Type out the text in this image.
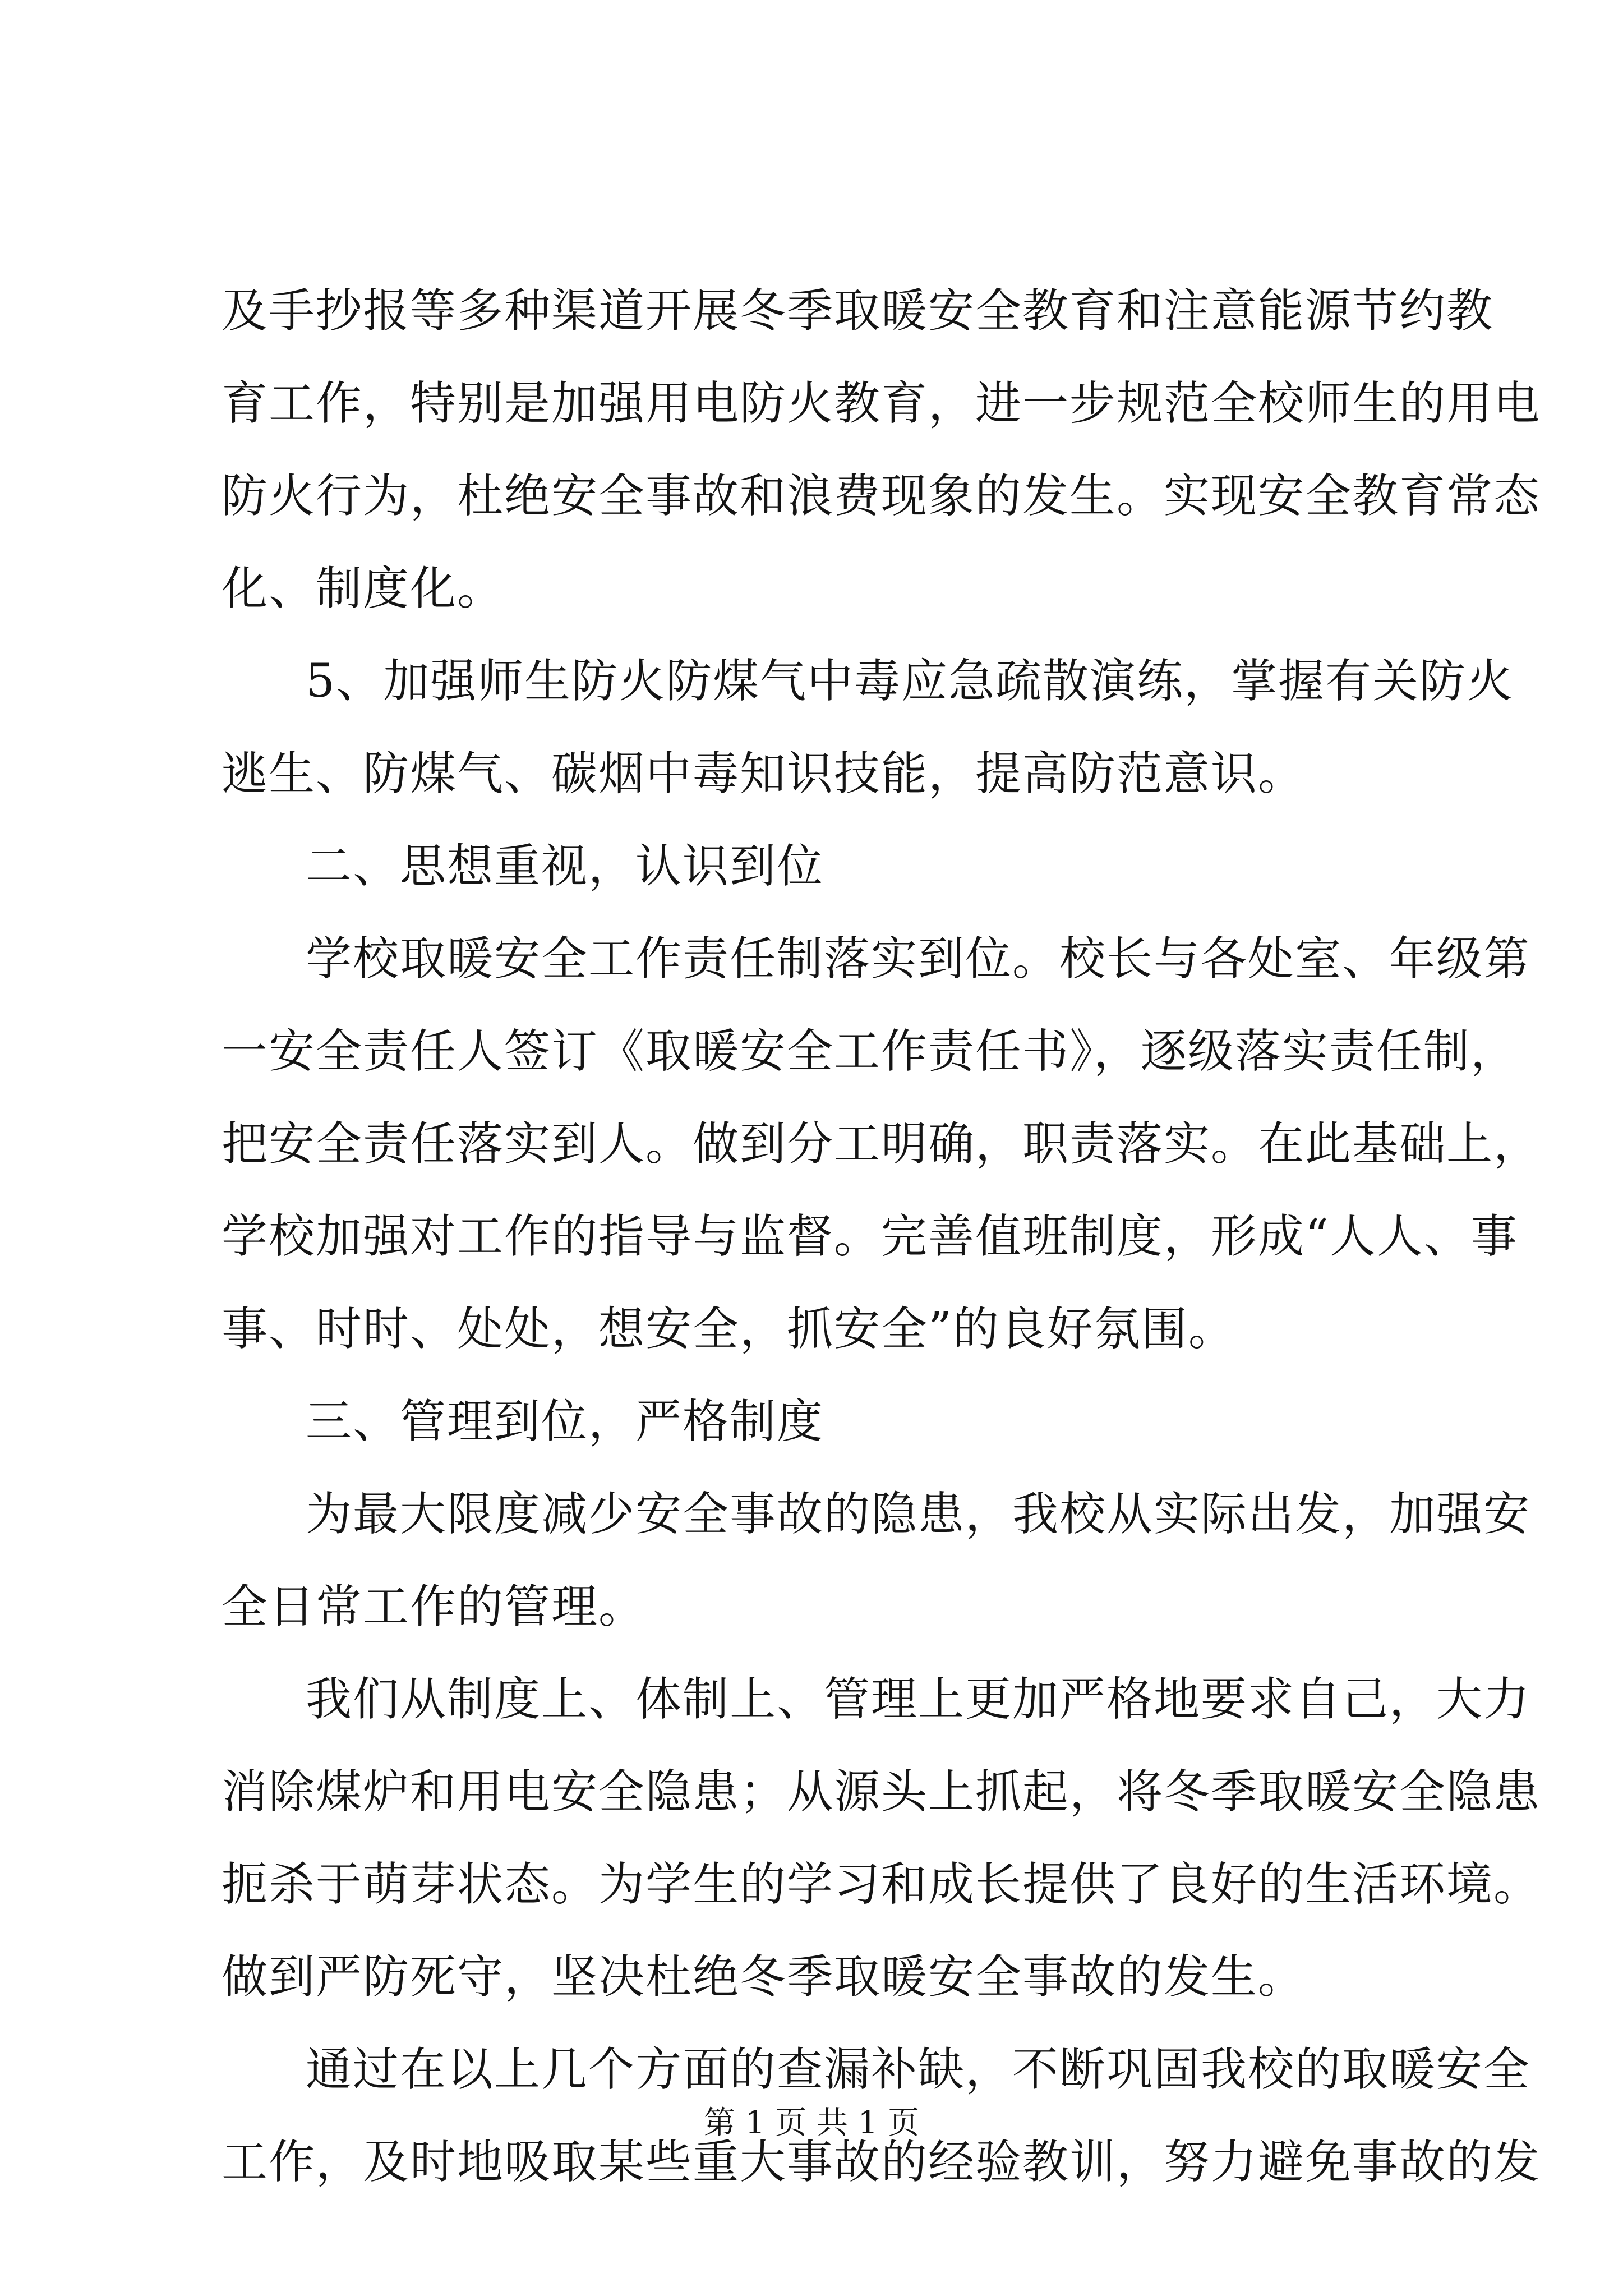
及手抄报等多种渠道开展冬季取暖安全教育和注意能源节约教
育工作，特别是加强用电防火教育，进一步规范全校师生的用电
防火行为，杜绝安全事故和浪费现象的发生。实现安全教育常态
化、制度化。
5、加强师生防火防煤气中毒应急疏散演练，掌握有关防火
逃生、防煤气、碳烟中毒知识技能，提高防范意识。
二、思想重视，认识到位
学校取暖安全工作责任制落实到位。校长与各处室、年级第
一安全责任人签订《取暖安全工作责任书》，逐级落实责任制，
把安全责任落实到人。做到分工明确，职责落实。在此基础上，
学校加强对工作的指导与监督。完善值班制度，形成“人人、事
事、时时、处处，想安全，抓安全”的良好氛围。
三、管理到位，严格制度
为最大限度减少安全事故的隐患，我校从实际出发，加强安
全日常工作的管理。
我们从制度上、体制上、管理上更加严格地要求自己，大力
消除煤炉和用电安全隐患；从源头上抓起，将冬季取暖安全隐患
扼杀于萌芽状态。为学生的学习和成长提供了良好的生活环境。
做到严防死守，坚决杜绝冬季取暖安全事故的发生。
通过在以上几个方面的查漏补缺，不断巩固我校的取暖安全
工作，及时地吸取某些重大事故的经验教训，努力避免事故的发
第 1 页 共 1 页
